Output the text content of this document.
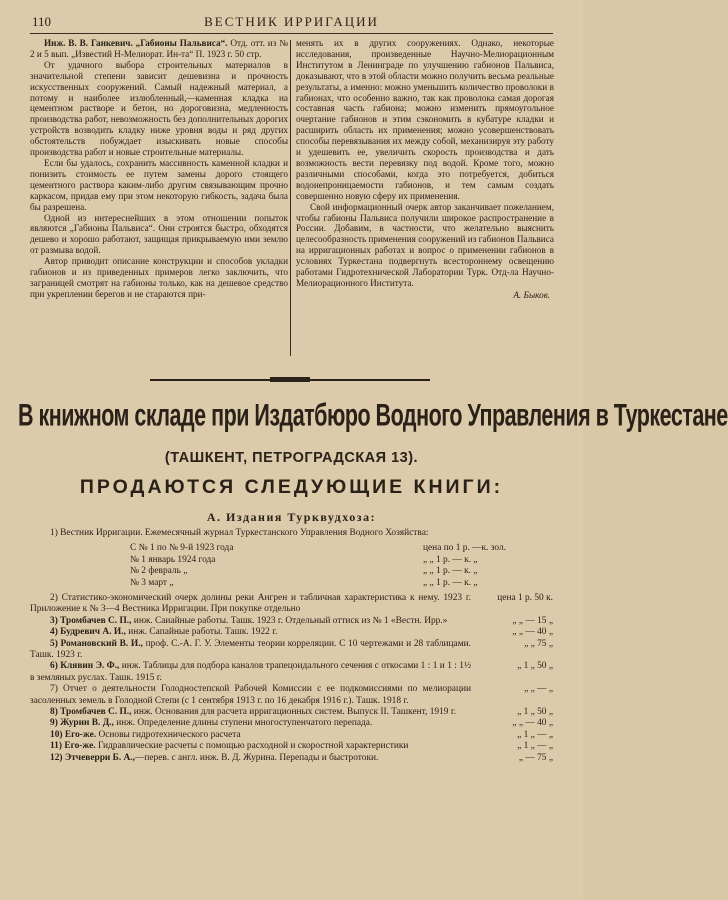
110	ВЕСТНИК ИРРИГАЦИИ

Инж. В. В. Ганкевич. „Габионы Пальвиса“. Отд. отт. из № 2 и 5 вып. „Известий Н-Мелиорат. Ин-та“ П. 1923 г. 50 стр.

От удачного выбора строительных материалов в значительной степени зависит дешевизна и прочность искусственных сооружений. Самый надежный материал, а потому и наиболее излюбленный,—каменная кладка на цементном растворе и бетон, но дороговизна, медленность производства работ, невозможность без дополнительных дорогих устройств возводить кладку ниже уровня воды и ряд других обстоятельств побуждает изыскивать новые способы производства работ и новые строительные материалы.

Если бы удалось, сохранить массивность каменной кладки и понизить стоимость ее путем замены дорого стоящего цементного раствора каким-либо другим связывающим прочно каркасом, придав ему при этом некоторую гибкость, задача была бы разрешена.

Одной из интереснейших в этом отношении попыток являются „Габионы Пальвиса“. Они строятся быстро, обходятся дешево и хорошо работают, защищая прикрываемую ими землю от размыва водой.

Автор приводит описание конструкции и способов укладки габионов и из приведенных примеров легко заключить, что заграницей смотрят на габионы только, как на дешевое средство при укреплении берегов и не стараются при-

менять их в других сооружениях. Однако, некоторые исследования, произведенные Научно-Мелиорационным Институтом в Ленинграде по улучшению габионов Пальвиса, доказывают, что в этой области можно получить весьма реальные результаты, а именно: можно уменьшить количество проволоки в габионах, что особенно важно, так как проволока самая дорогая составная часть габиона; можно изменить прямоугольное очертание габионов и этим сэкономить в кубатуре кладки и расширить область их применения; можно усовершенствовать способы перевязывания их между собой, механизируя эту работу и удешевить ее, увеличить скорость производства и дать возможность вести перевязку под водой. Кроме того, можно различными способами, когда это потребуется, добиться водонепроницаемости габионов, и тем самым создать совершенно новую сферу их применения.

Свой информационный очерк автор заканчивает пожеланием, чтобы габионы Пальвиса получили широкое распространение в России. Добавим, в частности, что желательно выяснить целесообразность применения сооружений из габионов Пальвиса на ирригационных работах и вопрос о применении габионов в условиях Туркестана подвергнуть всестороннему освещению работами Гидротехнической Лаборатории Турк. Отд-ла Научно-Мелиорационного Института.

А. Быков.
В книжном складе при Издатбюро Водного Управления в Туркестане
(ТАШКЕНТ, ПЕТРОГРАДСКАЯ 13).
ПРОДАЮТСЯ СЛЕДУЮЩИЕ КНИГИ:
А. Издания Турквудхоза:

1) Вестник Ирригации. Ежемесячный журнал Туркестанского Управления Водного Хозяйства:

С № 1 по № 9-й 1923 года	цена по 1 р. —к. зол.
№ 1 январь 1924 года	„ „ 1 р. — к. „
№ 2 февраль „	„ „ 1 р. — к. „
№ 3 март „	„ „ 1 р. — к. „
2) Статистико-экономический очерк долины реки Ангрен и табличная характеристика к нему. 1923 г. Приложение к № 3—4 Вестника Ирригации. При покупке отдельно
цена 1 р. 50 к.
3) Тромбачев С. П., инж. Саиайные работы. Ташк. 1923 г. Отдельный оттиск из № 1 «Вестн. Ирр.»	„ „ — 15 „
4) Будревич А. И., инж. Сапайные работы. Ташк. 1922 г.	„ „ — 40 „
5) Романовский В. И., проф. С.-А. Г. У. Элементы теории корреляции. С 10 чертежами и 28 таблицами. Ташк. 1923 г.
„ „ 75 „
6) Клявин Э. Ф., инж. Таблицы для подбора каналов трапецоидального сечения с откосами 1 : 1 и 1 : 1½ в земляных руслах. Ташк. 1915 г.
„ 1 „ 50 „
7) Отчет о деятельности Голодностепской Рабочей Комиссии с ее подкомиссиями по мелиорации засоленных земель в Голодной Степи (с 1 сентября 1913 г. по 16 декабря 1916 г.). Ташк. 1918 г.
„ „ — „
8) Тромбачев С. П., инж. Основания для расчета ирригационных систем. Выпуск II. Ташкент, 1919 г.	„ 1 „ 50 „
9) Журин В. Д., инж. Определение длины ступени многоступенчатого перепада.	„ „ — 40 „
10) Его-же. Основы гидротехнического расчета	„ 1 „ — „
11) Его-же. Гидравлические расчеты с помощью расходной и скоростной характеристики	„ 1 „ — „
12) Этчеверри Б. А.,—перев. с англ. инж. В. Д. Журина. Перепады и быстротоки.	„ — 75 „
